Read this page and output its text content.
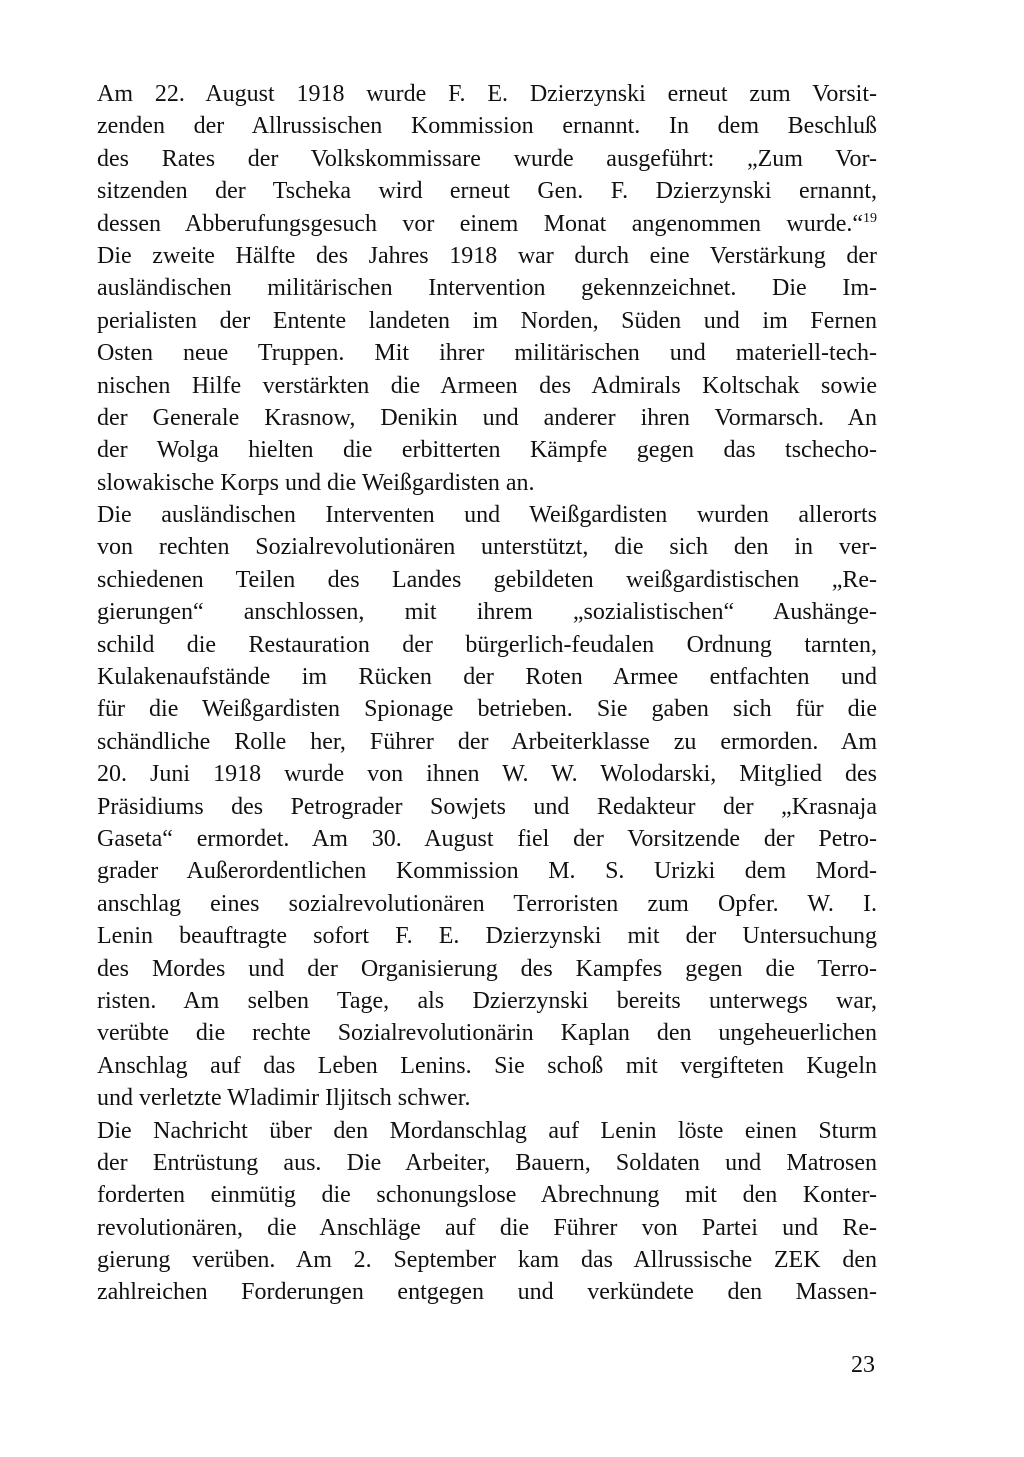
Am 22. August 1918 wurde F. E. Dzierzynski erneut zum Vorsit-
zenden der Allrussischen Kommission ernannt. In dem Beschluß
des Rates der Volkskommissare wurde ausgeführt: „Zum Vor-
sitzenden der Tscheka wird erneut Gen. F. Dzierzynski ernannt,
dessen Abberufungsgesuch vor einem Monat angenommen wurde.“$^{19}$
Die zweite Hälfte des Jahres 1918 war durch eine Verstärkung der
ausländischen militärischen Intervention gekennzeichnet. Die Im-
perialisten der Entente landeten im Norden, Süden und im Fernen
Osten neue Truppen. Mit ihrer militärischen und materiell-tech-
nischen Hilfe verstärkten die Armeen des Admirals Koltschak sowie
der Generale Krasnow, Denikin und anderer ihren Vormarsch. An
der Wolga hielten die erbitterten Kämpfe gegen das tschecho-
slowakische Korps und die Weißgardisten an.
Die ausländischen Interventen und Weißgardisten wurden allerorts
von rechten Sozialrevolutionären unterstützt, die sich den in ver-
schiedenen Teilen des Landes gebildeten weißgardistischen „Re-
gierungen“ anschlossen, mit ihrem „sozialistischen“ Aushänge-
schild die Restauration der bürgerlich-feudalen Ordnung tarnten,
Kulakenaufstände im Rücken der Roten Armee entfachten und
für die Weißgardisten Spionage betrieben. Sie gaben sich für die
schändliche Rolle her, Führer der Arbeiterklasse zu ermorden. Am
20. Juni 1918 wurde von ihnen W. W. Wolodarski, Mitglied des
Präsidiums des Petrograder Sowjets und Redakteur der „Krasnaja
Gaseta“ ermordet. Am 30. August fiel der Vorsitzende der Petro-
grader Außerordentlichen Kommission M. S. Urizki dem Mord-
anschlag eines sozialrevolutionären Terroristen zum Opfer. W. I.
Lenin beauftragte sofort F. E. Dzierzynski mit der Untersuchung
des Mordes und der Organisierung des Kampfes gegen die Terro-
risten. Am selben Tage, als Dzierzynski bereits unterwegs war,
verübte die rechte Sozialrevolutionärin Kaplan den ungeheuerlichen
Anschlag auf das Leben Lenins. Sie schoß mit vergifteten Kugeln
und verletzte Wladimir Iljitsch schwer.
Die Nachricht über den Mordanschlag auf Lenin löste einen Sturm
der Entrüstung aus. Die Arbeiter, Bauern, Soldaten und Matrosen
forderten einmütig die schonungslose Abrechnung mit den Konter-
revolutionären, die Anschläge auf die Führer von Partei und Re-
gierung verüben. Am 2. September kam das Allrussische ZEK den
zahlreichen Forderungen entgegen und verkündete den Massen-
23
